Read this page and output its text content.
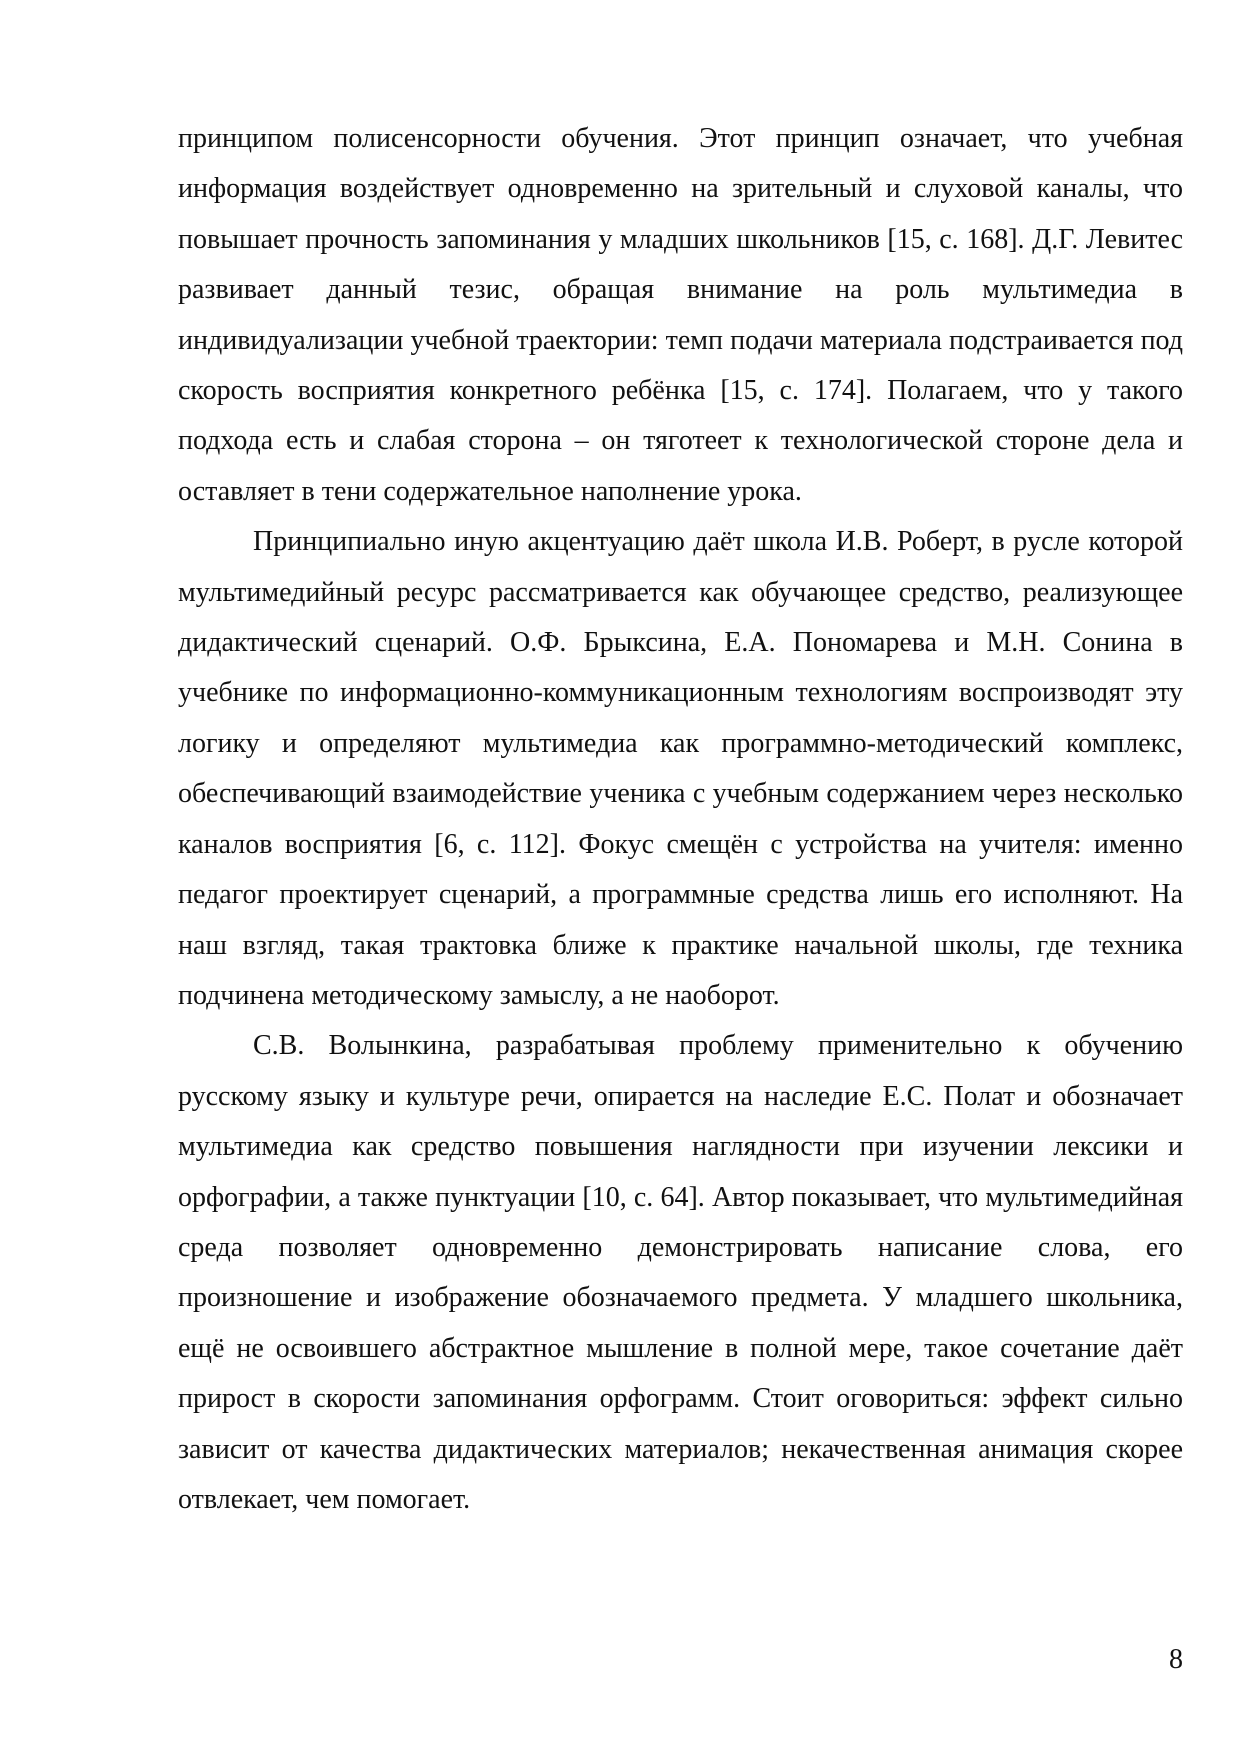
принципом полисенсорности обучения. Этот принцип означает, что учебная информация воздействует одновременно на зрительный и слуховой каналы, что повышает прочность запоминания у младших школьников [15, с. 168]. Д.Г. Левитес развивает данный тезис, обращая внимание на роль мультимедиа в индивидуализации учебной траектории: темп подачи материала подстраивается под скорость восприятия конкретного ребёнка [15, с. 174]. Полагаем, что у такого подхода есть и слабая сторона – он тяготеет к технологической стороне дела и оставляет в тени содержательное наполнение урока.

Принципиально иную акцентуацию даёт школа И.В. Роберт, в русле которой мультимедийный ресурс рассматривается как обучающее средство, реализующее дидактический сценарий. О.Ф. Брыксина, Е.А. Пономарева и М.Н. Сонина в учебнике по информационно-коммуникационным технологиям воспроизводят эту логику и определяют мультимедиа как программно-методический комплекс, обеспечивающий взаимодействие ученика с учебным содержанием через несколько каналов восприятия [6, с. 112]. Фокус смещён с устройства на учителя: именно педагог проектирует сценарий, а программные средства лишь его исполняют. На наш взгляд, такая трактовка ближе к практике начальной школы, где техника подчинена методическому замыслу, а не наоборот.

С.В. Волынкина, разрабатывая проблему применительно к обучению русскому языку и культуре речи, опирается на наследие Е.С. Полат и обозначает мультимедиа как средство повышения наглядности при изучении лексики и орфографии, а также пунктуации [10, с. 64]. Автор показывает, что мультимедийная среда позволяет одновременно демонстрировать написание слова, его произношение и изображение обозначаемого предмета. У младшего школьника, ещё не освоившего абстрактное мышление в полной мере, такое сочетание даёт прирост в скорости запоминания орфограмм. Стоит оговориться: эффект сильно зависит от качества дидактических материалов; некачественная анимация скорее отвлекает, чем помогает.

8
